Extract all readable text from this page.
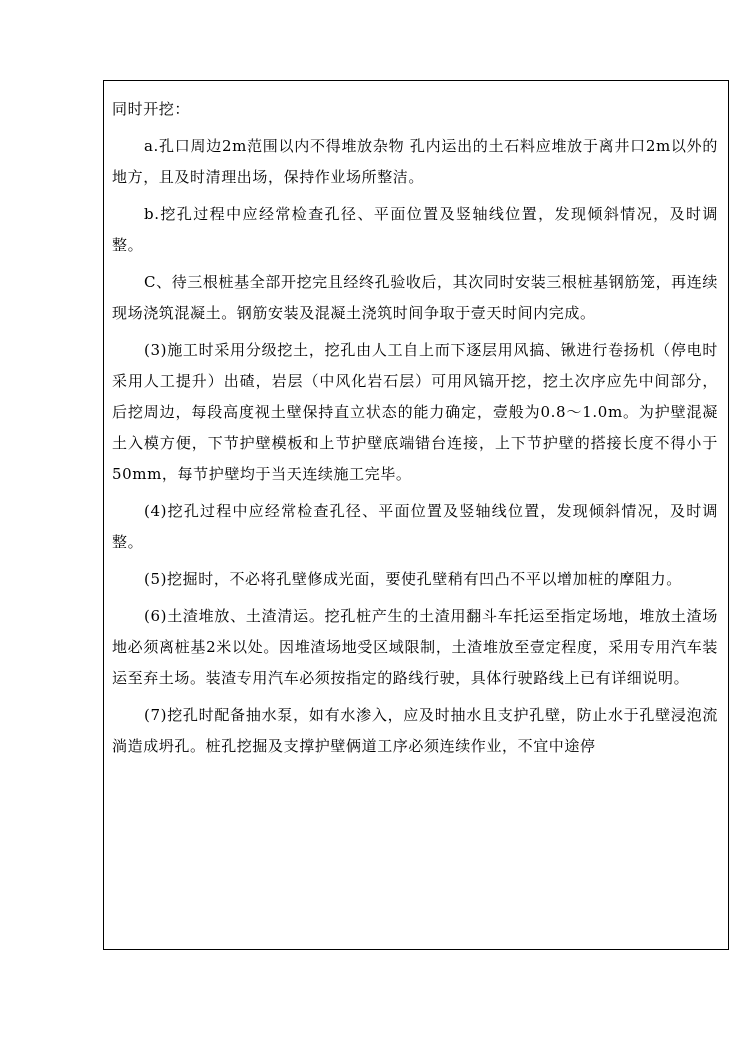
同时开挖：

a.孔口周边2m范围以内不得堆放杂物 孔内运出的土石料应堆放于离井口2m以外的地方，且及时清理出场，保持作业场所整洁。

b.挖孔过程中应经常检查孔径、平面位置及竖轴线位置，发现倾斜情况，及时调整。

C、待三根桩基全部开挖完且经终孔验收后，其次同时安装三根桩基钢筋笼，再连续现场浇筑混凝土。钢筋安装及混凝土浇筑时间争取于壹天时间内完成。

(3)施工时采用分级挖土，挖孔由人工自上而下逐层用风搞、锹进行卷扬机（停电时采用人工提升）出碴，岩层（中风化岩石层）可用风镐开挖，挖土次序应先中间部分，后挖周边，每段高度视土壁保持直立状态的能力确定，壹般为0.8～1.0m。为护壁混凝土入模方便，下节护壁模板和上节护壁底端错台连接，上下节护壁的搭接长度不得小于50mm，每节护壁均于当天连续施工完毕。

(4)挖孔过程中应经常检查孔径、平面位置及竖轴线位置，发现倾斜情况，及时调整。

(5)挖掘时，不必将孔壁修成光面，要使孔壁稍有凹凸不平以增加桩的摩阻力。

(6)土渣堆放、土渣清运。挖孔桩产生的土渣用翻斗车托运至指定场地，堆放土渣场地必须离桩基2米以处。因堆渣场地受区域限制，土渣堆放至壹定程度，采用专用汽车装运至弃土场。装渣专用汽车必须按指定的路线行驶，具体行驶路线上已有详细说明。

(7)挖孔时配备抽水泵，如有水渗入，应及时抽水且支护孔壁，防止水于孔壁浸泡流淌造成坍孔。桩孔挖掘及支撑护壁俩道工序必须连续作业，不宜中途停
